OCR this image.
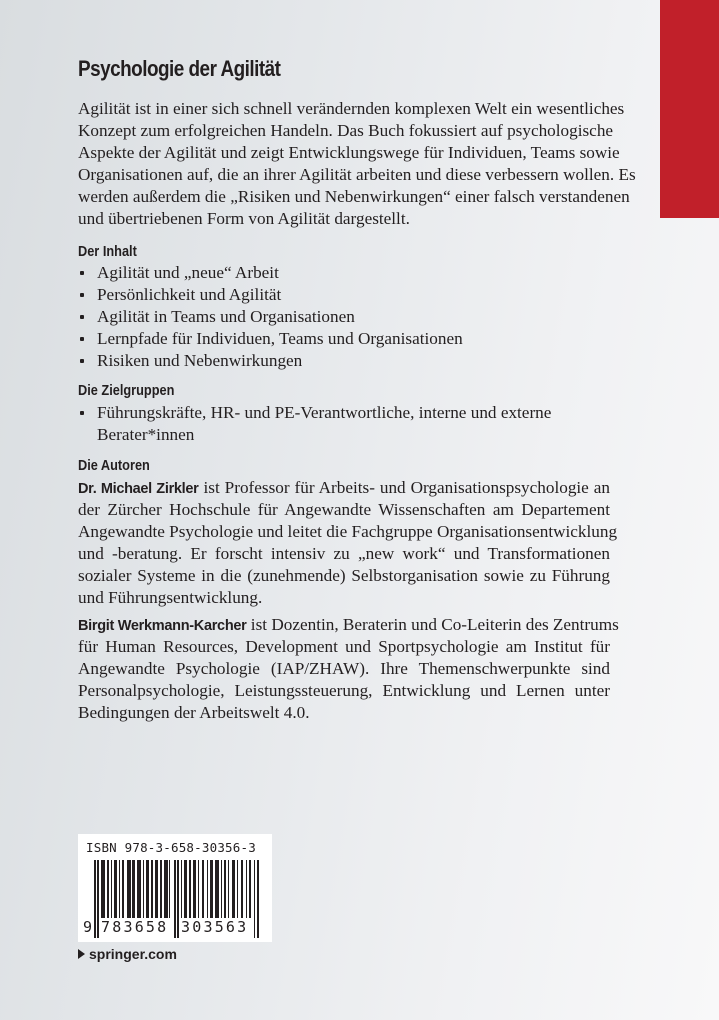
Psychologie der Agilität
Agilität ist in einer sich schnell verändernden komplexen Welt ein wesentliches
Konzept zum erfolgreichen Handeln. Das Buch fokussiert auf psychologische
Aspekte der Agilität und zeigt Entwicklungswege für Individuen, Teams sowie
Organisationen auf, die an ihrer Agilität arbeiten und diese verbessern wollen. Es
werden außerdem die „Risiken und Nebenwirkungen“ einer falsch verstandenen
und übertriebenen Form von Agilität dargestellt.
Der Inhalt
Agilität und „neue“ Arbeit
Persönlichkeit und Agilität
Agilität in Teams und Organisationen
Lernpfade für Individuen, Teams und Organisationen
Risiken und Nebenwirkungen
Die Zielgruppen
Führungskräfte, HR- und PE-Verantwortliche, interne und externe
Berater*innen
Die Autoren
Dr. Michael Zirkler ist Professor für Arbeits- und Organisationspsychologie an
der Zürcher Hochschule für Angewandte Wissenschaften am Departement
Angewandte Psychologie und leitet die Fachgruppe Organisationsentwicklung
und -beratung. Er forscht intensiv zu „new work“ und Transformationen
sozialer Systeme in die (zunehmende) Selbstorganisation sowie zu Führung
und Führungsentwicklung.
Birgit Werkmann-Karcher ist Dozentin, Beraterin und Co-Leiterin des Zentrums
für Human Resources, Development und Sportpsychologie am Institut für
Angewandte Psychologie (IAP/ZHAW). Ihre Themenschwerpunkte sind
Personalpsychologie, Leistungssteuerung, Entwicklung und Lernen unter
Bedingungen der Arbeitswelt 4.0.
ISBN 978-3-658-30356-3
9 783658 303563
springer.com
